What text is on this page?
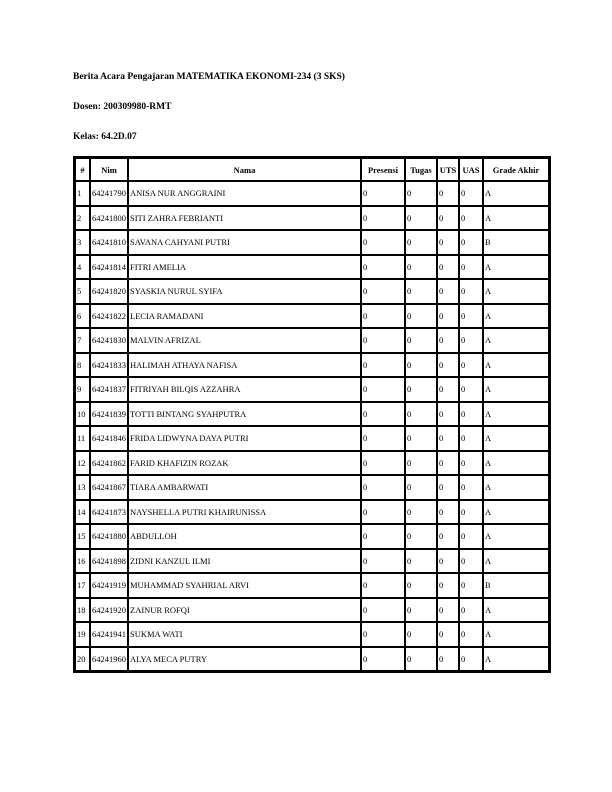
Berita Acara Pengajaran MATEMATIKA EKONOMI-234 (3 SKS)
Dosen: 200309980-RMT
Kelas: 64.2D.07
#	Nim	Nama	Presensi	Tugas	UTS	UAS	Grade Akhir
1	64241790	ANISA NUR ANGGRAINI	0	0	0	0	A
2	64241800	SITI ZAHRA FEBRIANTI	0	0	0	0	A
3	64241810	SAVANA CAHYANI PUTRI	0	0	0	0	B
4	64241814	FITRI AMELIA	0	0	0	0	A
5	64241820	SYASKIA NURUL SYIFA	0	0	0	0	A
6	64241822	LECIA RAMADANI	0	0	0	0	A
7	64241830	MALVIN AFRIZAL	0	0	0	0	A
8	64241833	HALIMAH ATHAYA NAFISA	0	0	0	0	A
9	64241837	FITRIYAH BILQIS AZZAHRA	0	0	0	0	A
10	64241839	TOTTI BINTANG SYAHPUTRA	0	0	0	0	A
11	64241846	FRIDA LIDWYNA DAYA PUTRI	0	0	0	0	A
12	64241862	FARID KHAFIZIN ROZAK	0	0	0	0	A
13	64241867	TIARA AMBARWATI	0	0	0	0	A
14	64241873	NAYSHELLA PUTRI KHAIRUNISSA	0	0	0	0	A
15	64241880	ABDULLOH	0	0	0	0	A
16	64241898	ZIDNI KANZUL ILMI	0	0	0	0	A
17	64241919	MUHAMMAD SYAHRIAL ARVI	0	0	0	0	B
18	64241920	ZAINUR ROFQI	0	0	0	0	A
19	64241941	SUKMA WATI	0	0	0	0	A
20	64241960	ALYA MECA PUTRY	0	0	0	0	A
